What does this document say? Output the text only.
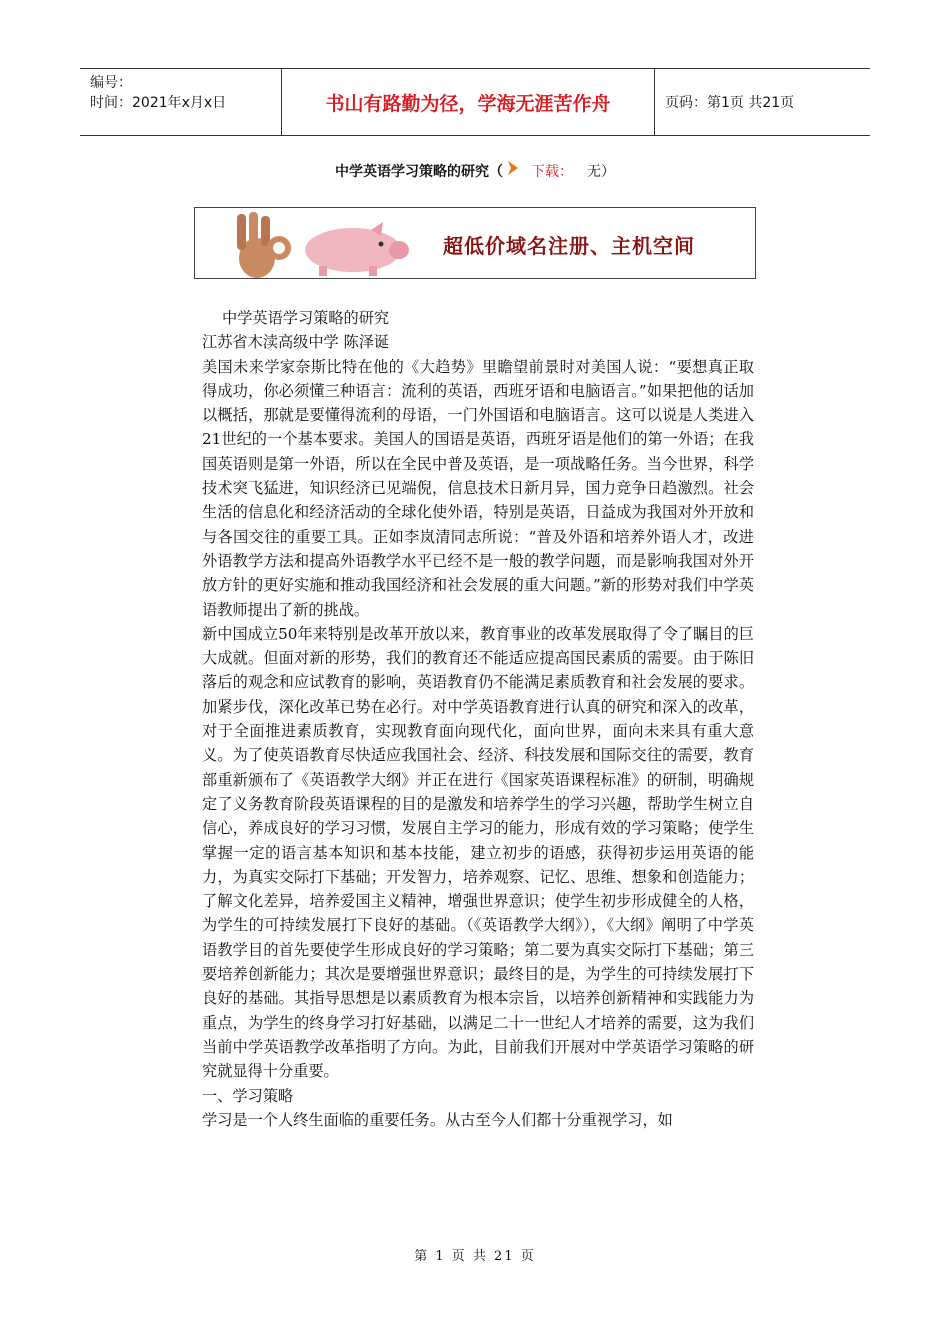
编号：
时间：2021年x月x日	书山有路勤为径，学海无涯苦作舟	页码：第1页 共21页
中学英语学习策略的研究（ 下载： 无）
超低价域名注册、主机空间

中学英语学习策略的研究

江苏省木渎高级中学 陈泽诞

美国未来学家奈斯比特在他的《大趋势》里瞻望前景时对美国人说：“要想真正取得成功，你必须懂三种语言：流利的英语，西班牙语和电脑语言。”如果把他的话加以概括，那就是要懂得流利的母语，一门外国语和电脑语言。这可以说是人类进入21世纪的一个基本要求。美国人的国语是英语，西班牙语是他们的第一外语；在我国英语则是第一外语，所以在全民中普及英语，是一项战略任务。当今世界，科学技术突飞猛进，知识经济已见端倪，信息技术日新月异，国力竞争日趋激烈。社会生活的信息化和经济活动的全球化使外语，特别是英语，日益成为我国对外开放和与各国交往的重要工具。正如李岚清同志所说：“普及外语和培养外语人才，改进外语教学方法和提高外语教学水平已经不是一般的教学问题，而是影响我国对外开放方针的更好实施和推动我国经济和社会发展的重大问题。”新的形势对我们中学英语教师提出了新的挑战。

新中国成立50年来特别是改革开放以来，教育事业的改革发展取得了令了瞩目的巨大成就。但面对新的形势，我们的教育还不能适应提高国民素质的需要。由于陈旧落后的观念和应试教育的影响，英语教育仍不能满足素质教育和社会发展的要求。加紧步伐，深化改革已势在必行。对中学英语教育进行认真的研究和深入的改革，对于全面推进素质教育，实现教育面向现代化，面向世界，面向未来具有重大意义。为了使英语教育尽快适应我国社会、经济、科技发展和国际交往的需要，教育部重新颁布了《英语教学大纲》并正在进行《国家英语课程标准》的研制，明确规定了义务教育阶段英语课程的目的是激发和培养学生的学习兴趣，帮助学生树立自信心，养成良好的学习习惯，发展自主学习的能力，形成有效的学习策略；使学生掌握一定的语言基本知识和基本技能，建立初步的语感，获得初步运用英语的能力，为真实交际打下基础；开发智力，培养观察、记忆、思维、想象和创造能力；了解文化差异，培养爱国主义精神，增强世界意识；使学生初步形成健全的人格，为学生的可持续发展打下良好的基础。（《英语教学大纲》），《大纲》阐明了中学英语教学目的首先要使学生形成良好的学习策略；第二要为真实交际打下基础；第三要培养创新能力；其次是要增强世界意识；最终目的是，为学生的可持续发展打下良好的基础。其指导思想是以素质教育为根本宗旨，以培养创新精神和实践能力为重点，为学生的终身学习打好基础，以满足二十一世纪人才培养的需要，这为我们当前中学英语教学改革指明了方向。为此，目前我们开展对中学英语学习策略的研究就显得十分重要。

一、学习策略

学习是一个人终生面临的重要任务。从古至今人们都十分重视学习，如

第 1 页 共 21 页
